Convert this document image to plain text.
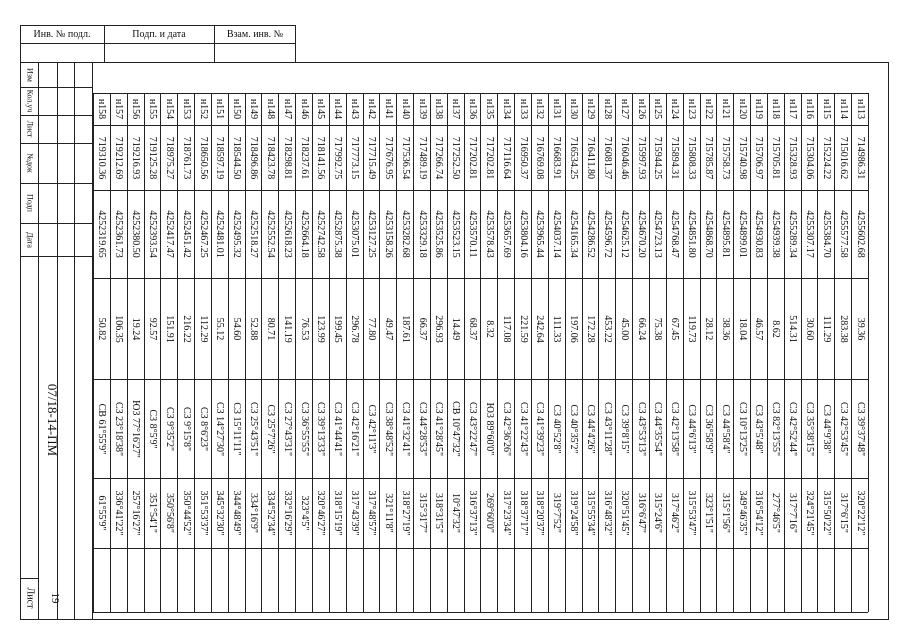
Инв. № подл.	Подп. и дата	Взам. инв. №
Изм
Кол.уч
Лист
№док
Подп
Дата
Лист
07/18-14-ПМ
19
н113
714986.31
4255602.68
39.36
СЗ 39°37'48"
320°22'12"
н114
715016.62
4255577.58
283.38
СЗ 42°53'45"
317°6'15"
н115
715224.22
4255384.70
111.29
СЗ 44°9'38"
315°50'22"
н116
715304.06
4255307.17
30.60
СЗ 35°38'15"
324°21'45"
н117
715328.93
4255289.34
514.31
СЗ 42°52'44"
317°7'16"
н118
715705.81
4254939.38
8.62
СЗ 82°13'55"
277°46'5"
н119
715706.97
4254930.83
46.57
СЗ 43°5'48"
316°54'12"
н120
715740.98
4254899.01
18.04
СЗ 10°13'25"
349°46'35"
н121
715758.73
4254895.81
38.36
СЗ 44°58'4"
315°1'56"
н122
715785.87
4254868.70
28.12
СЗ 36°58'9"
323°1'51"
н123
715808.33
4254851.80
119.73
СЗ 44°6'13"
315°53'47"
н124
715894.31
4254768.47
67.45
СЗ 42°13'58"
317°46'2"
н125
715944.25
4254723.13
75.38
СЗ 44°35'54"
315°24'6"
н126
715997.93
4254670.20
66.24
СЗ 43°53'13"
316°6'47"
н127
716046.46
4254625.12
45.00
СЗ 39°8'15"
320°51'45"
н128
716081.37
4254596.72
453.22
СЗ 43°11'28"
316°48'32"
н129
716411.80
4254286.52
172.28
СЗ 44°4'26"
315°55'34"
н130
716534.25
4254165.34
197.06
СЗ 40°35'2"
319°24'58"
н131
716683.91
4254037.14
111.33
СЗ 40°52'8"
319°7'52"
н132
716769.08
4253965.44
242.64
СЗ 41°39'23"
318°20'37"
н133
716950.37
4253804.16
221.59
СЗ 41°22'43"
318°37'17"
н134
717116.64
4253657.69
117.08
СЗ 42°36'26"
317°23'34"
н135
717202.81
4253578.43
8.32
ЮЗ 89°60'0"
269°60'0"
н136
717202.81
4253570.11
68.37
СЗ 43°22'47"
316°37'13"
н137
717252.50
4253523.15
14.49
СВ 10°47'32"
10°47'32"
н138
717266.74
4253525.86
296.93
СЗ 41°28'45"
318°31'5"
н139
717489.19
4253329.18
66.37
СЗ 44°28'53"
315°31'7"
н140
717536.54
4253282.68
187.61
СЗ 41°32'41"
318°27'19"
н141
717676.95
4253158.26
49.47
СЗ 38°48'52"
321°11'8"
н142
717715.49
4253127.25
77.80
СЗ 42°11'3"
317°48'57"
н143
717773.15
4253075.01
296.78
СЗ 42°16'21"
317°43'39"
н144
717992.75
4252875.38
199.45
СЗ 41°44'41"
318°15'19"
н145
718141.56
4252742.58
123.99
СЗ 39°13'33"
320°46'27"
н146
718237.61
4252664.18
76.53
СЗ 36°55'55"
323°4'5"
н147
718298.81
4252618.23
141.19
СЗ 27°43'31"
332°16'29"
н148
718423.78
4252552.54
80.71
СЗ 25°7'26"
334°52'34"
н149
718496.86
4252518.27
52.88
СЗ 25°43'51"
334°16'9"
н150
718544.50
4252495.32
54.60
СЗ 15°11'11"
344°48'49"
н151
718597.19
4252481.01
55.12
СЗ 14°27'30"
345°32'30"
н152
718650.56
4252467.25
112.29
СЗ 8°6'23"
351°53'37"
н153
718761.73
4252451.42
216.22
СЗ 9°15'8"
350°44'52"
н154
718975.27
4252417.47
151.91
СЗ 9°35'2"
350°56'8"
н155
719125.28
4252393.54
92.57
СЗ 8°5'9"
351°54'1"
н156
719216.93
4252380.50
19.24
ЮЗ 77°16'27"
257°16'27"
н157
719212.69
4252361.73
106.35
СЗ 23°18'38"
336°41'22"
н158
719310.36
4252319.65
50.82
СВ 61°55'9"
61°55'9"
